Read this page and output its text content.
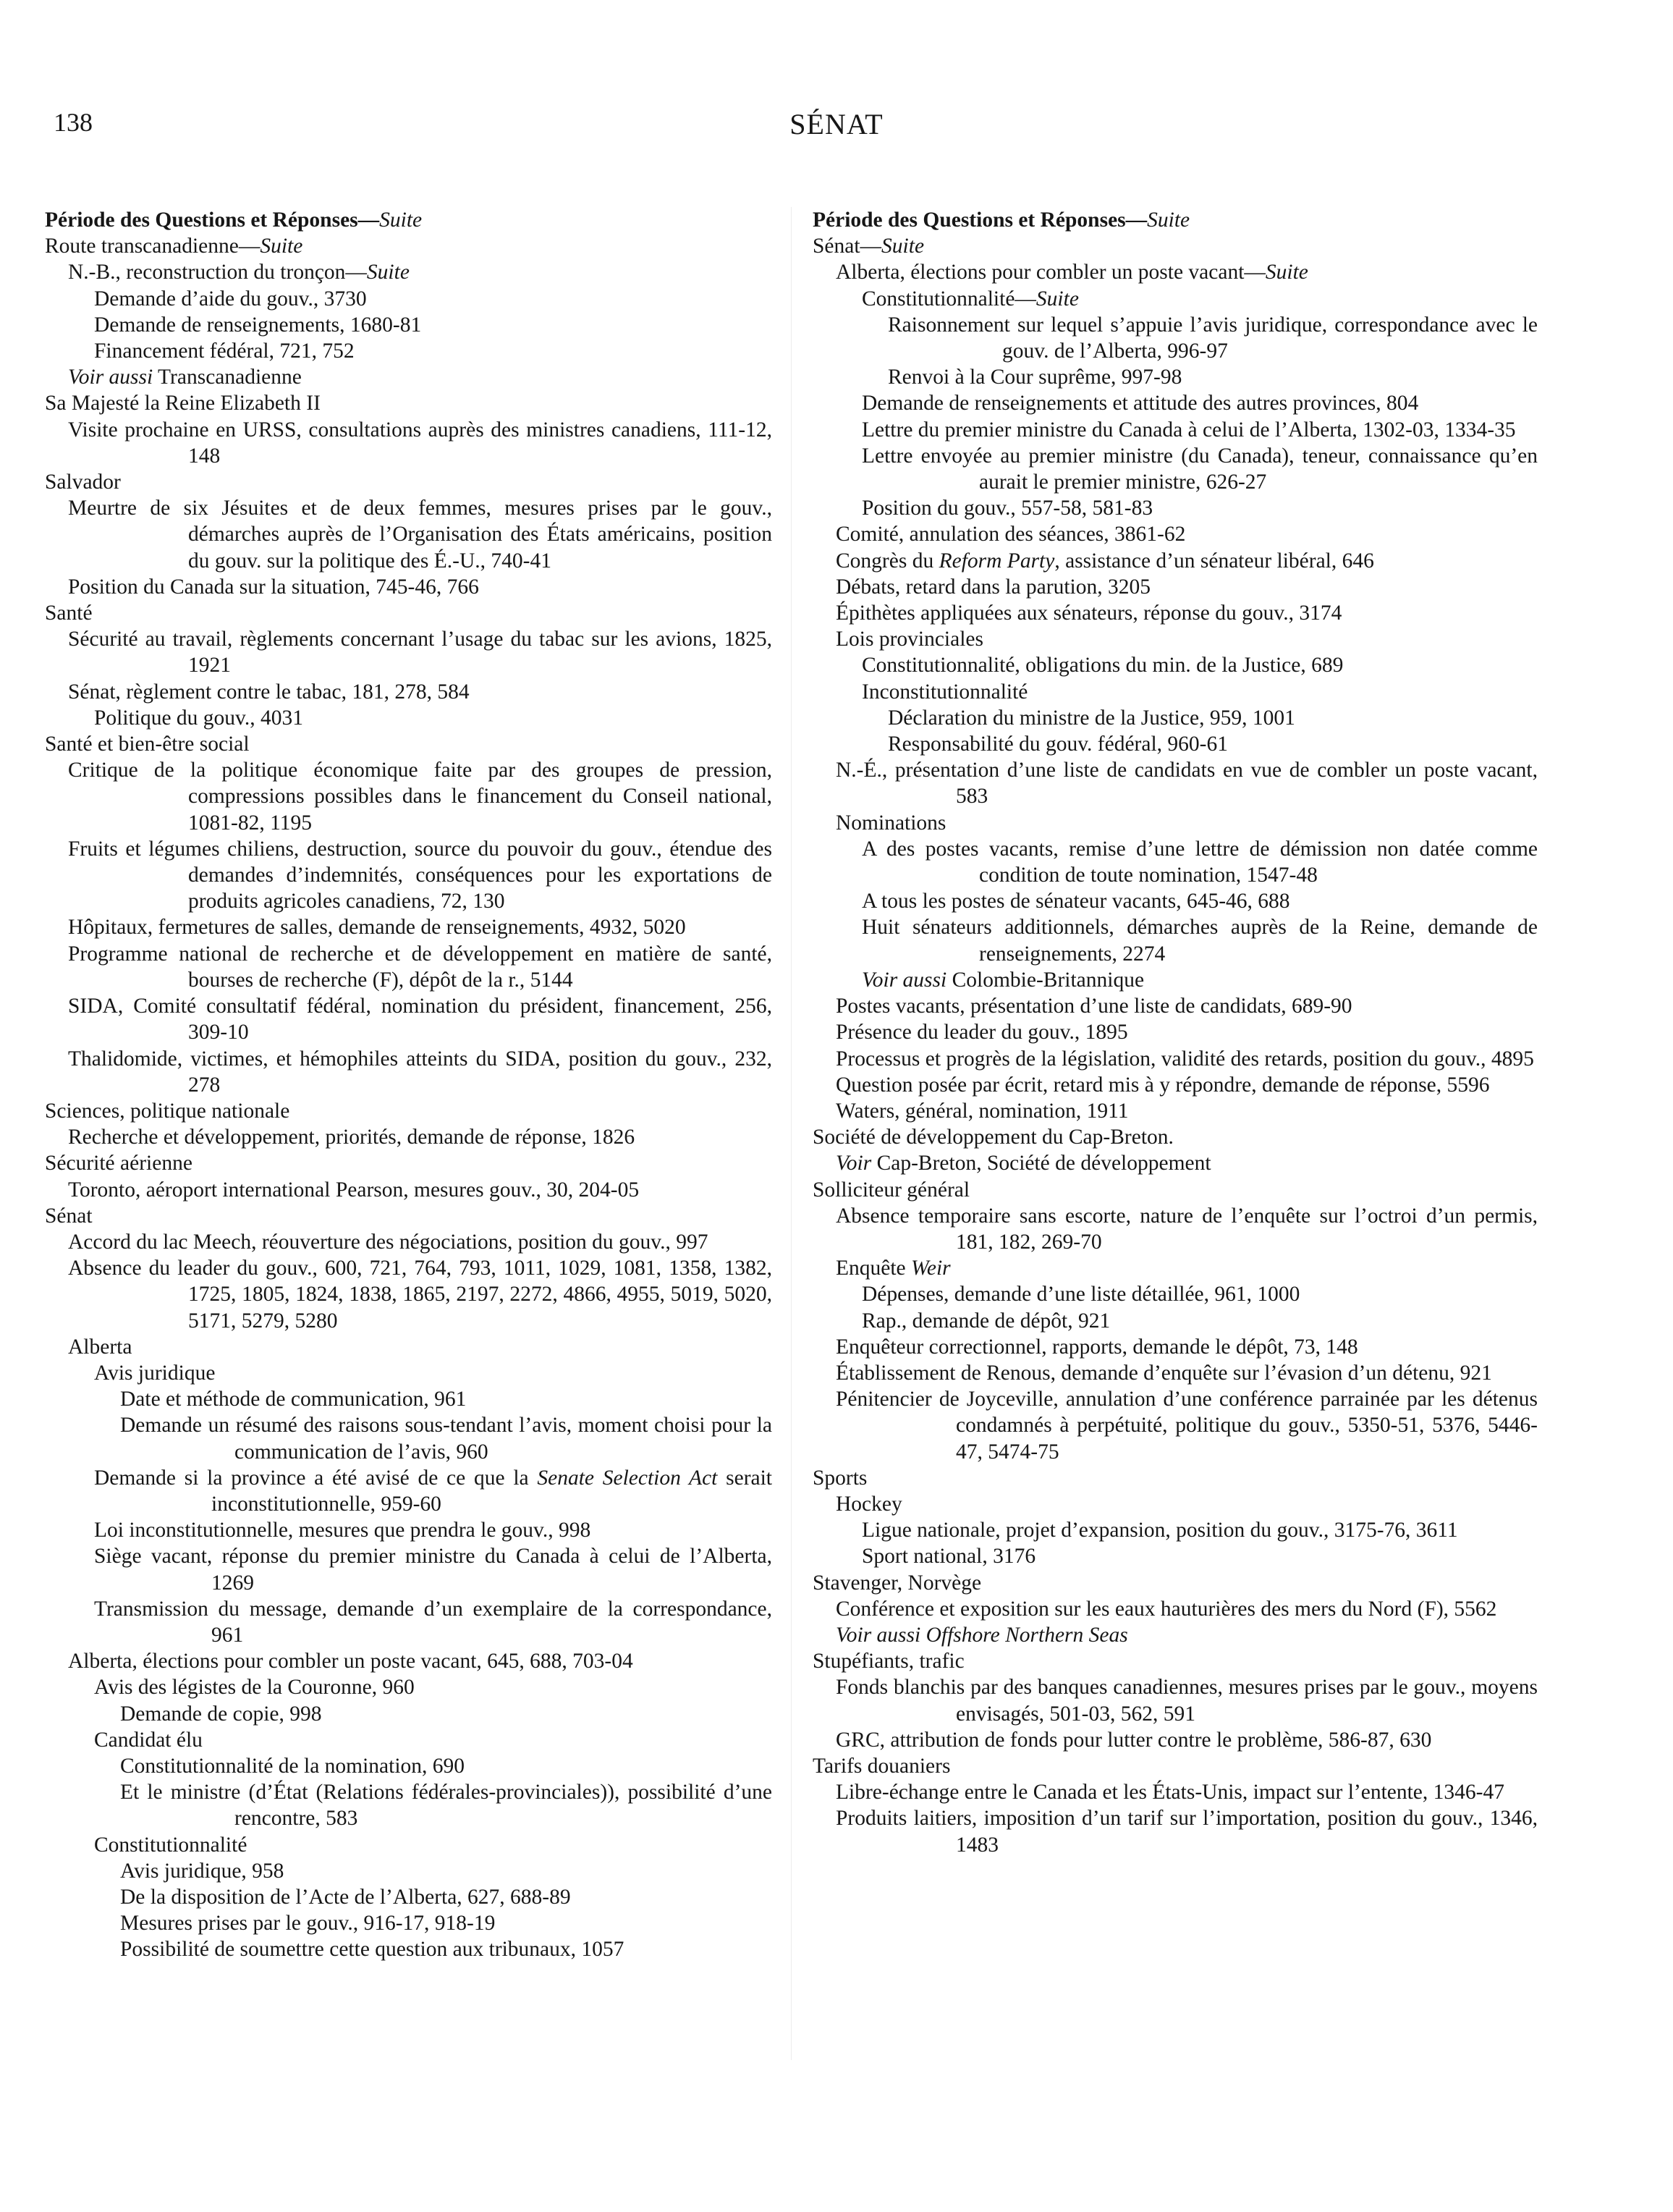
138	SÉNAT
Période des Questions et Réponses—Suite
Route transcanadienne—Suite
N.-B., reconstruction du tronçon—Suite
Demande d’aide du gouv., 3730
Demande de renseignements, 1680-81
Financement fédéral, 721, 752
Voir aussi Transcanadienne
Sa Majesté la Reine Elizabeth II
Visite prochaine en URSS, consultations auprès des ministres canadiens, 111-12, 148
Salvador
Meurtre de six Jésuites et de deux femmes, mesures prises par le gouv., démarches auprès de l’Organisation des États américains, position du gouv. sur la politique des É.-U., 740-41
Position du Canada sur la situation, 745-46, 766
Santé
Sécurité au travail, règlements concernant l’usage du tabac sur les avions, 1825, 1921
Sénat, règlement contre le tabac, 181, 278, 584
Politique du gouv., 4031
Santé et bien-être social
Critique de la politique économique faite par des groupes de pression, compressions possibles dans le financement du Conseil national, 1081-82, 1195
Fruits et légumes chiliens, destruction, source du pouvoir du gouv., étendue des demandes d’indemnités, conséquences pour les exportations de produits agricoles canadiens, 72, 130
Hôpitaux, fermetures de salles, demande de renseignements, 4932, 5020
Programme national de recherche et de développement en matière de santé, bourses de recherche (F), dépôt de la r., 5144
SIDA, Comité consultatif fédéral, nomination du président, financement, 256, 309-10
Thalidomide, victimes, et hémophiles atteints du SIDA, position du gouv., 232, 278
Sciences, politique nationale
Recherche et développement, priorités, demande de réponse, 1826
Sécurité aérienne
Toronto, aéroport international Pearson, mesures gouv., 30, 204-05
Sénat
Accord du lac Meech, réouverture des négociations, position du gouv., 997
Absence du leader du gouv., 600, 721, 764, 793, 1011, 1029, 1081, 1358, 1382, 1725, 1805, 1824, 1838, 1865, 2197, 2272, 4866, 4955, 5019, 5020, 5171, 5279, 5280
Alberta
Avis juridique
Date et méthode de communication, 961
Demande un résumé des raisons sous-tendant l’avis, moment choisi pour la communication de l’avis, 960
Demande si la province a été avisé de ce que la Senate Selection Act serait inconstitutionnelle, 959-60
Loi inconstitutionnelle, mesures que prendra le gouv., 998
Siège vacant, réponse du premier ministre du Canada à celui de l’Alberta, 1269
Transmission du message, demande d’un exemplaire de la correspondance, 961
Alberta, élections pour combler un poste vacant, 645, 688, 703-04
Avis des légistes de la Couronne, 960
Demande de copie, 998
Candidat élu
Constitutionnalité de la nomination, 690
Et le ministre (d’État (Relations fédérales-provinciales)), possibilité d’une rencontre, 583
Constitutionnalité
Avis juridique, 958
De la disposition de l’Acte de l’Alberta, 627, 688-89
Mesures prises par le gouv., 916-17, 918-19
Possibilité de soumettre cette question aux tribunaux, 1057
Période des Questions et Réponses—Suite
Sénat—Suite
Alberta, élections pour combler un poste vacant—Suite
Constitutionnalité—Suite
Raisonnement sur lequel s’appuie l’avis juridique, correspondance avec le gouv. de l’Alberta, 996-97
Renvoi à la Cour suprême, 997-98
Demande de renseignements et attitude des autres provinces, 804
Lettre du premier ministre du Canada à celui de l’Alberta, 1302-03, 1334-35
Lettre envoyée au premier ministre (du Canada), teneur, connaissance qu’en aurait le premier ministre, 626-27
Position du gouv., 557-58, 581-83
Comité, annulation des séances, 3861-62
Congrès du Reform Party, assistance d’un sénateur libéral, 646
Débats, retard dans la parution, 3205
Épithètes appliquées aux sénateurs, réponse du gouv., 3174
Lois provinciales
Constitutionnalité, obligations du min. de la Justice, 689
Inconstitutionnalité
Déclaration du ministre de la Justice, 959, 1001
Responsabilité du gouv. fédéral, 960-61
N.-É., présentation d’une liste de candidats en vue de combler un poste vacant, 583
Nominations
A des postes vacants, remise d’une lettre de démission non datée comme condition de toute nomination, 1547-48
A tous les postes de sénateur vacants, 645-46, 688
Huit sénateurs additionnels, démarches auprès de la Reine, demande de renseignements, 2274
Voir aussi Colombie-Britannique
Postes vacants, présentation d’une liste de candidats, 689-90
Présence du leader du gouv., 1895
Processus et progrès de la législation, validité des retards, position du gouv., 4895
Question posée par écrit, retard mis à y répondre, demande de réponse, 5596
Waters, général, nomination, 1911
Société de développement du Cap-Breton.
Voir Cap-Breton, Société de développement
Solliciteur général
Absence temporaire sans escorte, nature de l’enquête sur l’octroi d’un permis, 181, 182, 269-70
Enquête Weir
Dépenses, demande d’une liste détaillée, 961, 1000
Rap., demande de dépôt, 921
Enquêteur correctionnel, rapports, demande le dépôt, 73, 148
Établissement de Renous, demande d’enquête sur l’évasion d’un détenu, 921
Pénitencier de Joyceville, annulation d’une conférence parrainée par les détenus condamnés à perpétuité, politique du gouv., 5350-51, 5376, 5446-47, 5474-75
Sports
Hockey
Ligue nationale, projet d’expansion, position du gouv., 3175-76, 3611
Sport national, 3176
Stavenger, Norvège
Conférence et exposition sur les eaux hauturières des mers du Nord (F), 5562
Voir aussi Offshore Northern Seas
Stupéfiants, trafic
Fonds blanchis par des banques canadiennes, mesures prises par le gouv., moyens envisagés, 501-03, 562, 591
GRC, attribution de fonds pour lutter contre le problème, 586-87, 630
Tarifs douaniers
Libre-échange entre le Canada et les États-Unis, impact sur l’entente, 1346-47
Produits laitiers, imposition d’un tarif sur l’importation, position du gouv., 1346, 1483
